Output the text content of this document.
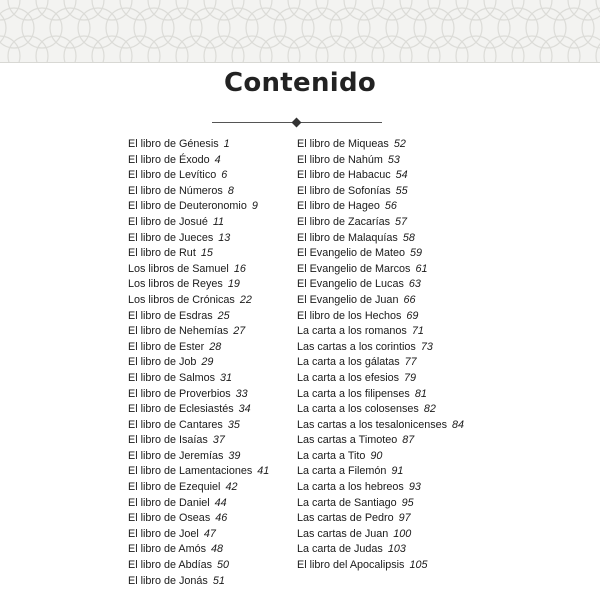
Contenido
El libro de Génesis 1
El libro de Éxodo 4
El libro de Levítico 6
El libro de Números 8
El libro de Deuteronomio 9
El libro de Josué 11
El libro de Jueces 13
El libro de Rut 15
Los libros de Samuel 16
Los libros de Reyes 19
Los libros de Crónicas 22
El libro de Esdras 25
El libro de Nehemías 27
El libro de Ester 28
El libro de Job 29
El libro de Salmos 31
El libro de Proverbios 33
El libro de Eclesiastés 34
El libro de Cantares 35
El libro de Isaías 37
El libro de Jeremías 39
El libro de Lamentaciones 41
El libro de Ezequiel 42
El libro de Daniel 44
El libro de Oseas 46
El libro de Joel 47
El libro de Amós 48
El libro de Abdías 50
El libro de Jonás 51
El libro de Miqueas 52
El libro de Nahúm 53
El libro de Habacuc 54
El libro de Sofonías 55
El libro de Hageo 56
El libro de Zacarías 57
El libro de Malaquías 58
El Evangelio de Mateo 59
El Evangelio de Marcos 61
El Evangelio de Lucas 63
El Evangelio de Juan 66
El libro de los Hechos 69
La carta a los romanos 71
Las cartas a los corintios 73
La carta a los gálatas 77
La carta a los efesios 79
La carta a los filipenses 81
La carta a los colosenses 82
Las cartas a los tesalonicenses 84
Las cartas a Timoteo 87
La carta a Tito 90
La carta a Filemón 91
La carta a los hebreos 93
La carta de Santiago 95
Las cartas de Pedro 97
Las cartas de Juan 100
La carta de Judas 103
El libro del Apocalipsis 105
